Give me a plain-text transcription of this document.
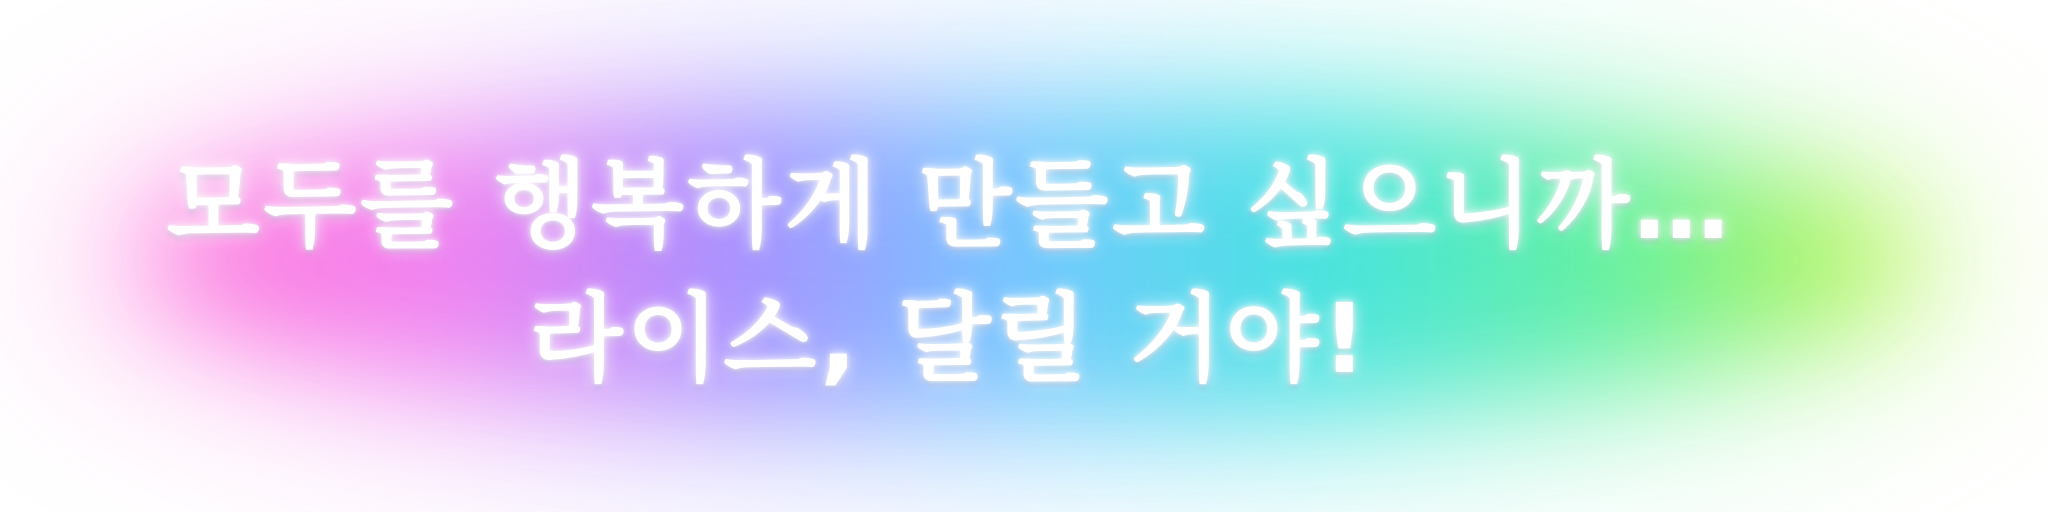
모두를 행복하게 만들고 싶으니까…
라이스, 달릴 거야!
